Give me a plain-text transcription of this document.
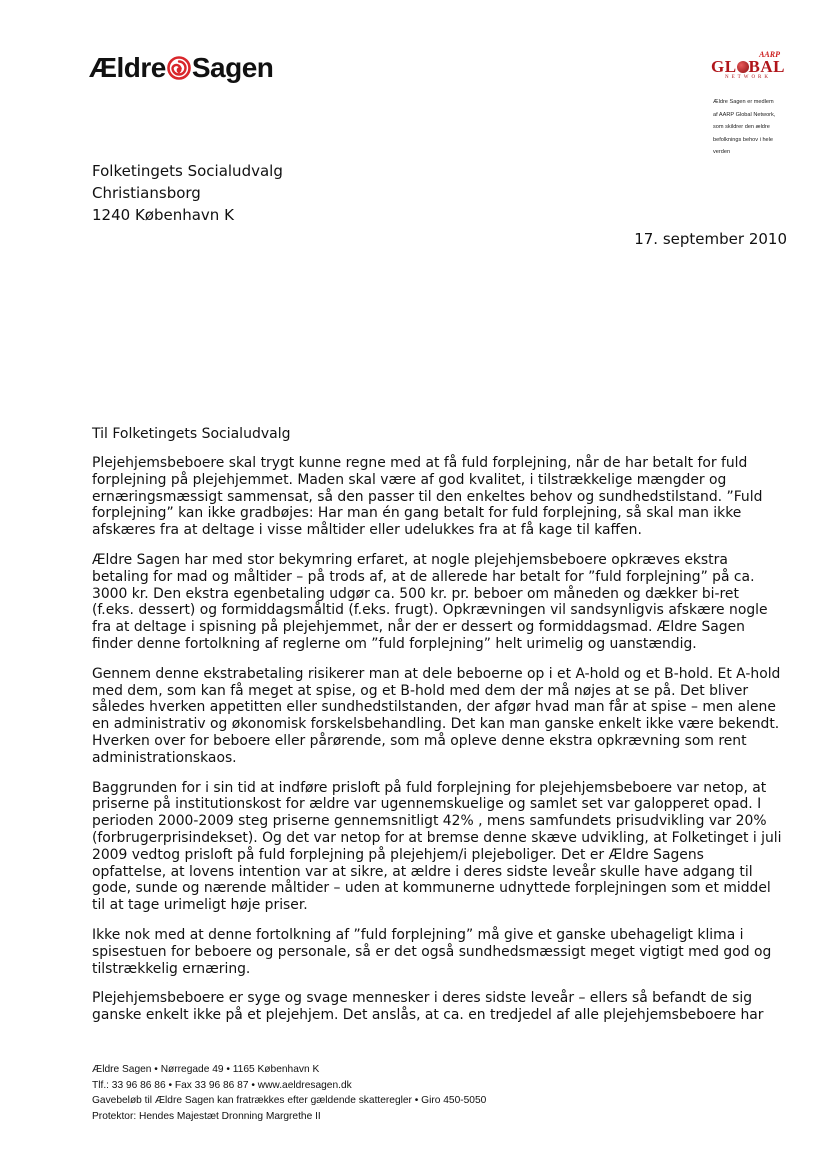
Ældre Sagen	AARP
GL BAL
NETWORK
Ældre Sagen er medlem
af AARP Global Network,
som skildrer den ældre
befolknings behov i hele
verden
Folketingets Socialudvalg
Christiansborg
1240 København K
17. september 2010
Til Folketingets Socialudvalg

Plejehjemsbeboere skal trygt kunne regne med at få fuld forplejning, når de har betalt for fuld forplejning på plejehjemmet. Maden skal være af god kvalitet, i tilstrækkelige mængder og ernæringsmæssigt sammensat, så den passer til den enkeltes behov og sundhedstilstand. ”Fuld forplejning” kan ikke gradbøjes: Har man én gang betalt for fuld forplejning, så skal man ikke afskæres fra at deltage i visse måltider eller udelukkes fra at få kage til kaffen.

Ældre Sagen har med stor bekymring erfaret, at nogle plejehjemsbeboere opkræves ekstra betaling for mad og måltider – på trods af, at de allerede har betalt for ”fuld forplejning” på ca. 3000 kr. Den ekstra egenbetaling udgør ca. 500 kr. pr. beboer om måneden og dækker bi-ret (f.eks. dessert) og formiddagsmåltid (f.eks. frugt). Opkrævningen vil sandsynligvis afskære nogle fra at deltage i spisning på plejehjemmet, når der er dessert og formiddagsmad. Ældre Sagen finder denne fortolkning af reglerne om ”fuld forplejning” helt urimelig og uanstændig.

Gennem denne ekstrabetaling risikerer man at dele beboerne op i et A-hold og et B-hold. Et A-hold med dem, som kan få meget at spise, og et B-hold med dem der må nøjes at se på. Det bliver således hverken appetitten eller sundhedstilstanden, der afgør hvad man får at spise – men alene en administrativ og økonomisk forskelsbehandling. Det kan man ganske enkelt ikke være bekendt. Hverken over for beboere eller pårørende, som må opleve denne ekstra opkrævning som rent administrationskaos.

Baggrunden for i sin tid at indføre prisloft på fuld forplejning for plejehjemsbeboere var netop, at priserne på institutionskost for ældre var ugennemskuelige og samlet set var galopperet opad. I perioden 2000-2009 steg priserne gennemsnitligt 42% , mens samfundets prisudvikling var 20% (forbrugerprisindekset). Og det var netop for at bremse denne skæve udvikling, at Folketinget i juli 2009 vedtog prisloft på fuld forplejning på plejehjem/i plejeboliger. Det er Ældre Sagens opfattelse, at lovens intention var at sikre, at ældre i deres sidste leveår skulle have adgang til gode, sunde og nærende måltider – uden at kommunerne udnyttede forplejningen som et middel til at tage urimeligt høje priser.

Ikke nok med at denne fortolkning af ”fuld forplejning” må give et ganske ubehageligt klima i spisestuen for beboere og personale, så er det også sundhedsmæssigt meget vigtigt med god og tilstrækkelig ernæring.

Plejehjemsbeboere er syge og svage mennesker i deres sidste leveår – ellers så befandt de sig ganske enkelt ikke på et plejehjem. Det anslås, at ca. en tredjedel af alle plejehjemsbeboere har

Ældre Sagen • Nørregade 49 • 1165 København K
Tlf.: 33 96 86 86 • Fax 33 96 86 87 • www.aeldresagen.dk
Gavebeløb til Ældre Sagen kan fratrækkes efter gældende skatteregler • Giro 450-5050
Protektor: Hendes Majestæt Dronning Margrethe II
